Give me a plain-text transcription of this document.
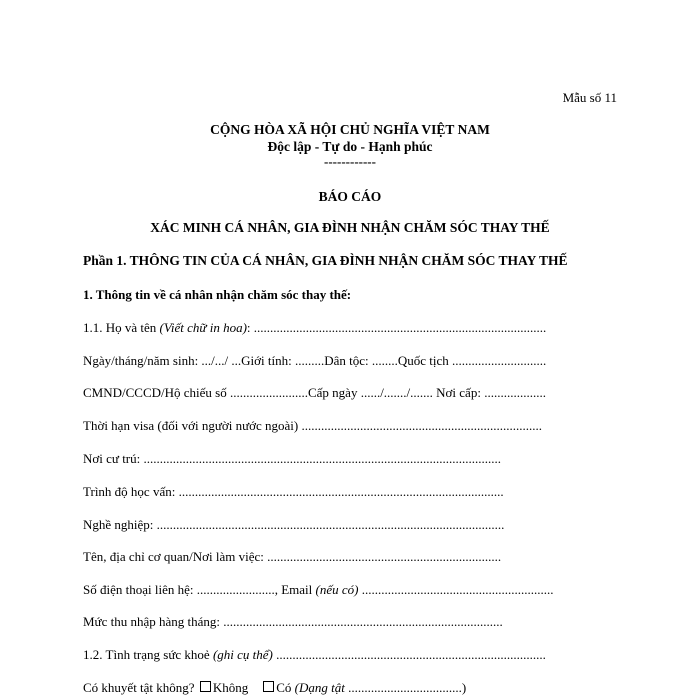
Mẫu số 11
CỘNG HÒA XÃ HỘI CHỦ NGHĨA VIỆT NAM
Độc lập - Tự do - Hạnh phúc
------------
BÁO CÁO
XÁC MINH CÁ NHÂN, GIA ĐÌNH NHẬN CHĂM SÓC THAY THẾ
Phần 1. THÔNG TIN CỦA CÁ NHÂN, GIA ĐÌNH NHẬN CHĂM SÓC THAY THẾ
1. Thông tin về cá nhân nhận chăm sóc thay thế:
1.1. Họ và tên (Viết chữ in hoa): ..........................................................................................
Ngày/tháng/năm sinh: .../.../ ...Giới tính: .........Dân tộc: ........Quốc tịch .............................
CMND/CCCD/Hộ chiếu số ........................Cấp ngày ....../......./....... Nơi cấp: ...................
Thời hạn visa (đối với người nước ngoài) ..........................................................................
Nơi cư trú: ..............................................................................................................
Trình độ học vấn: ....................................................................................................
Nghề nghiệp: ...........................................................................................................
Tên, địa chỉ cơ quan/Nơi làm việc: ........................................................................
Số điện thoại liên hệ: ........................, Email (nếu có) ...........................................................
Mức thu nhập hàng tháng: ......................................................................................
1.2. Tình trạng sức khoẻ (ghi cụ thể) ...................................................................................
Có khuyết tật không? Không Có (Dạng tật ...................................)
